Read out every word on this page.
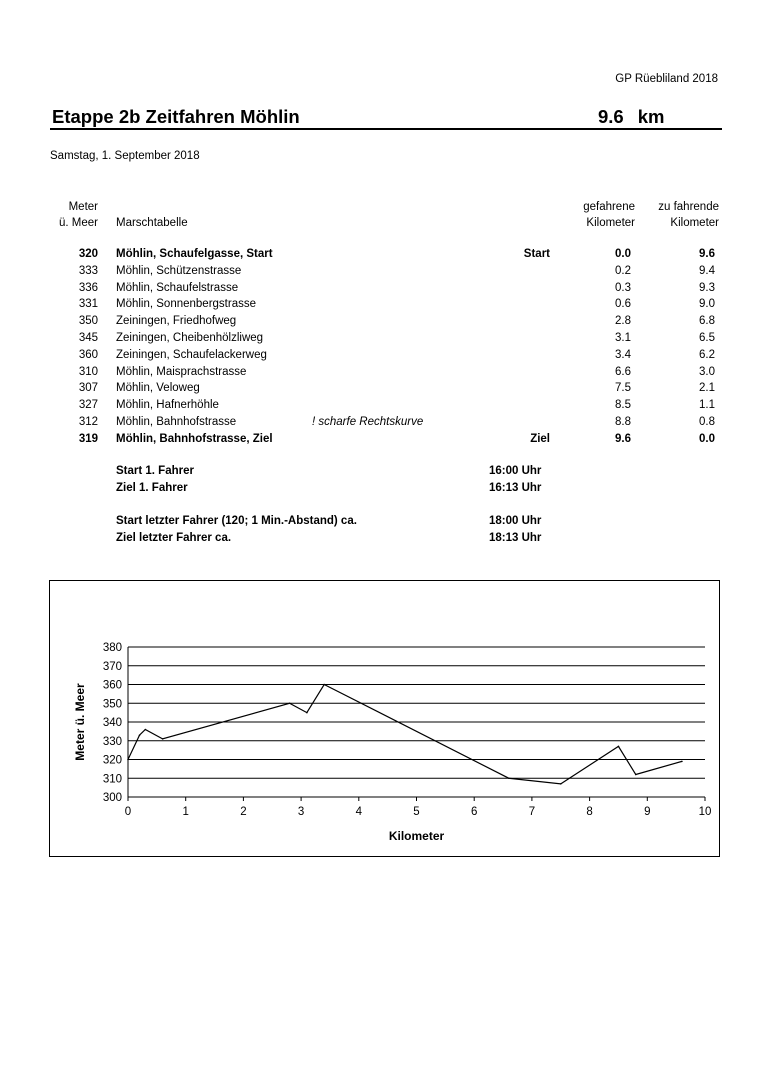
GP Rüebliland 2018
Etappe 2b Zeitfahren Möhlin	9.6 km
Samstag, 1. September 2018
Meter
ü. Meer Marschtabelle
gefahrene
Kilometer
zu fahrende
Kilometer
320 Möhlin, Schaufelgasse, Start	Start	0.0	9.6
333 Möhlin, Schützenstrasse	0.2	9.4
336 Möhlin, Schaufelstrasse	0.3	9.3
331 Möhlin, Sonnenbergstrasse	0.6	9.0
350 Zeiningen, Friedhofweg	2.8	6.8
345 Zeiningen, Cheibenhölzliweg	3.1	6.5
360 Zeiningen, Schaufelackerweg	3.4	6.2
310 Möhlin, Maisprachstrasse	6.6	3.0
307 Möhlin, Veloweg	7.5	2.1
327 Möhlin, Hafnerhöhle	8.5	1.1
312 Möhlin, Bahnhofstrasse	! scharfe Rechtskurve	8.8	0.8
319 Möhlin, Bahnhofstrasse, Ziel	Ziel	9.6	0.0
Start 1. Fahrer	16:00 Uhr
Ziel 1. Fahrer	16:13 Uhr
Start letzter Fahrer (120; 1 Min.-Abstand) ca.	18:00 Uhr
Ziel letzter Fahrer ca.	18:13 Uhr
300
310
320
330
340
350
360
370
380
0	1	2	3	4	5	6	7	8	9	10
Kilometer
Meter ü. Meer
